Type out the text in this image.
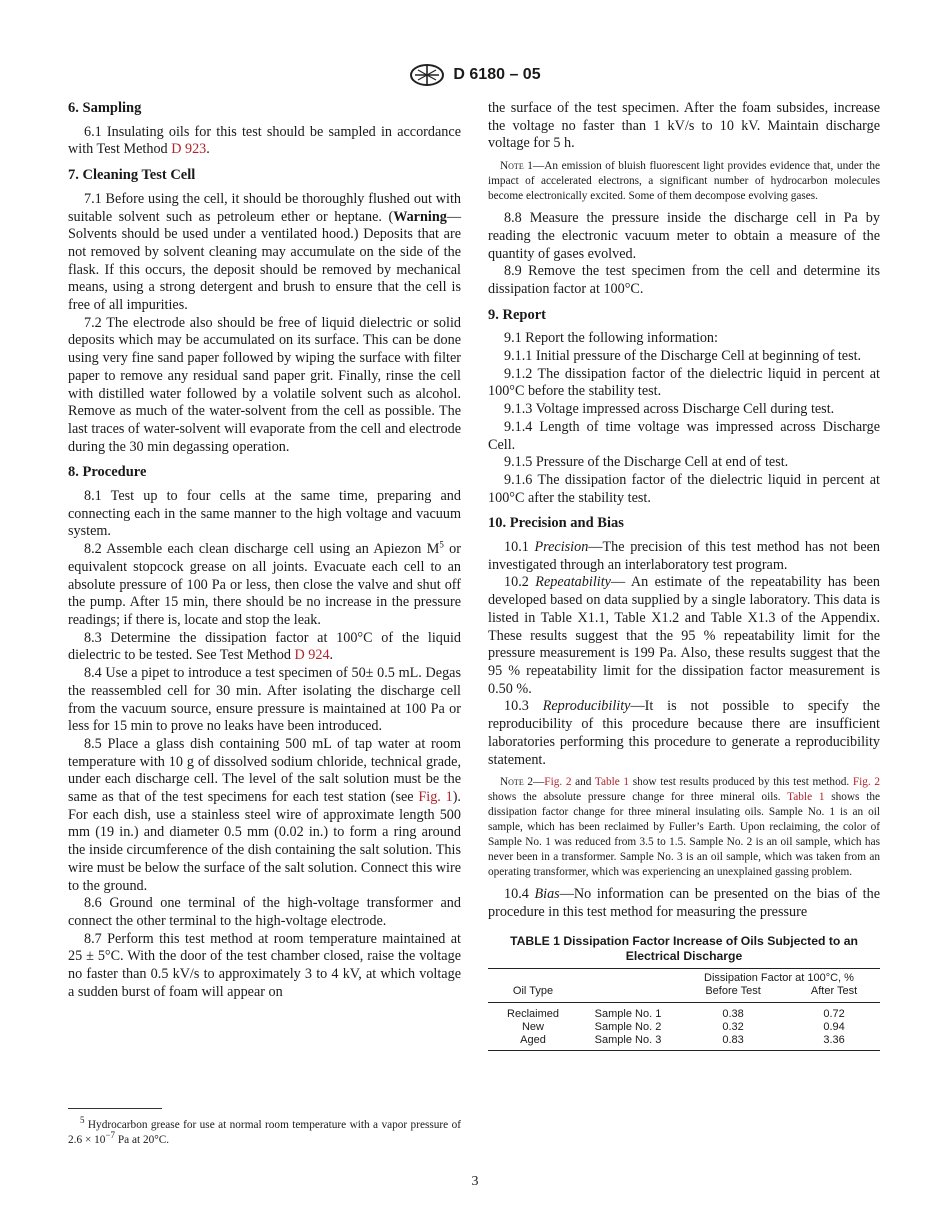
D 6180 – 05
6. Sampling

6.1 Insulating oils for this test should be sampled in accordance with Test Method D 923.

7. Cleaning Test Cell

7.1 Before using the cell, it should be thoroughly flushed out with suitable solvent such as petroleum ether or heptane. (Warning—Solvents should be used under a ventilated hood.) Deposits that are not removed by solvent cleaning may accumulate on the side of the flask. If this occurs, the deposit should be removed by mechanical means, using a strong detergent and brush to ensure that the cell is free of all impurities.

7.2 The electrode also should be free of liquid dielectric or solid deposits which may be accumulated on its surface. This can be done using very fine sand paper followed by wiping the surface with filter paper to remove any residual sand paper grit. Finally, rinse the cell with distilled water followed by a volatile solvent such as alcohol. Remove as much of the water-solvent from the cell as possible. The last traces of water-solvent will evaporate from the cell and electrode during the 30 min degassing operation.

8. Procedure

8.1 Test up to four cells at the same time, preparing and connecting each in the same manner to the high voltage and vacuum system.

8.2 Assemble each clean discharge cell using an Apiezon $M^5$ or equivalent stopcock grease on all joints. Evacuate each cell to an absolute pressure of 100 Pa or less, then close the valve and shut off the pump. After 15 min, there should be no increase in the pressure readings; if there is, locate and stop the leak.

8.3 Determine the dissipation factor at 100°C of the liquid dielectric to be tested. See Test Method D 924.

8.4 Use a pipet to introduce a test specimen of 50± 0.5 mL. Degas the reassembled cell for 30 min. After isolating the discharge cell from the vacuum source, ensure pressure is maintained at 100 Pa or less for 15 min to prove no leaks have been introduced.

8.5 Place a glass dish containing 500 mL of tap water at room temperature with 10 g of dissolved sodium chloride, technical grade, under each discharge cell. The level of the salt solution must be the same as that of the test specimens for each test station (see Fig. 1). For each dish, use a stainless steel wire of approximate length 500 mm (19 in.) and diameter 0.5 mm (0.02 in.) to form a ring around the inside circumference of the dish containing the salt solution. This wire must be below the surface of the salt solution. Connect this wire to the ground.

8.6 Ground one terminal of the high-voltage transformer and connect the other terminal to the high-voltage electrode.

8.7 Perform this test method at room temperature maintained at 25 ± 5°C. With the door of the test chamber closed, raise the voltage no faster than 0.5 kV/s to approximately 3 to 4 kV, at which voltage a sudden burst of foam will appear on

$^5$ Hydrocarbon grease for use at normal room temperature with a vapor pressure of $2.6 \times 10^{-7}$ Pa at 20°C.

the surface of the test specimen. After the foam subsides, increase the voltage no faster than 1 kV/s to 10 kV. Maintain discharge voltage for 5 h.

Note 1—An emission of bluish fluorescent light provides evidence that, under the impact of accelerated electrons, a significant number of hydrocarbon molecules become electronically excited. Some of them decompose evolving gases.

8.8 Measure the pressure inside the discharge cell in Pa by reading the electronic vacuum meter to obtain a measure of the quantity of gases evolved.

8.9 Remove the test specimen from the cell and determine its dissipation factor at 100°C.

9. Report

9.1 Report the following information:

9.1.1 Initial pressure of the Discharge Cell at beginning of test.

9.1.2 The dissipation factor of the dielectric liquid in percent at 100°C before the stability test.

9.1.3 Voltage impressed across Discharge Cell during test.

9.1.4 Length of time voltage was impressed across Discharge Cell.

9.1.5 Pressure of the Discharge Cell at end of test.

9.1.6 The dissipation factor of the dielectric liquid in percent at 100°C after the stability test.

10. Precision and Bias

10.1 Precision—The precision of this test method has not been investigated through an interlaboratory test program.

10.2 Repeatability— An estimate of the repeatability has been developed based on data supplied by a single laboratory. This data is listed in Table X1.1, Table X1.2 and Table X1.3 of the Appendix. These results suggest that the 95 % repeatability limit for the pressure measurement is 199 Pa. Also, these results suggest that the 95 % repeatability limit for the dissipation factor measurement is 0.50 %.

10.3 Reproducibility—It is not possible to specify the reproducibility of this procedure because there are insufficient laboratories performing this procedure to generate a reproducibility statement.

Note 2—Fig. 2 and Table 1 show test results produced by this test method. Fig. 2 shows the absolute pressure change for three mineral oils. Table 1 shows the dissipation factor change for three mineral insulating oils. Sample No. 1 is an oil sample, which has been reclaimed by Fuller’s Earth. Upon reclaiming, the color of Sample No. 1 was reduced from 3.5 to 1.5. Sample No. 2 is an oil sample, which has never been in a transformer. Sample No. 3 is an oil sample, which was taken from an operating transformer, which was experiencing an unexplained gassing problem.

10.4 Bias—No information can be presented on the bias of the procedure in this test method for measuring the pressure

TABLE 1 Dissipation Factor Increase of Oils Subjected to an Electrical Discharge
		Dissipation Factor at 100°C, %	
Oil Type		Before Test	After Test
Reclaimed	Sample No. 1	0.38	0.72
New	Sample No. 2	0.32	0.94
Aged	Sample No. 3	0.83	3.36
3
